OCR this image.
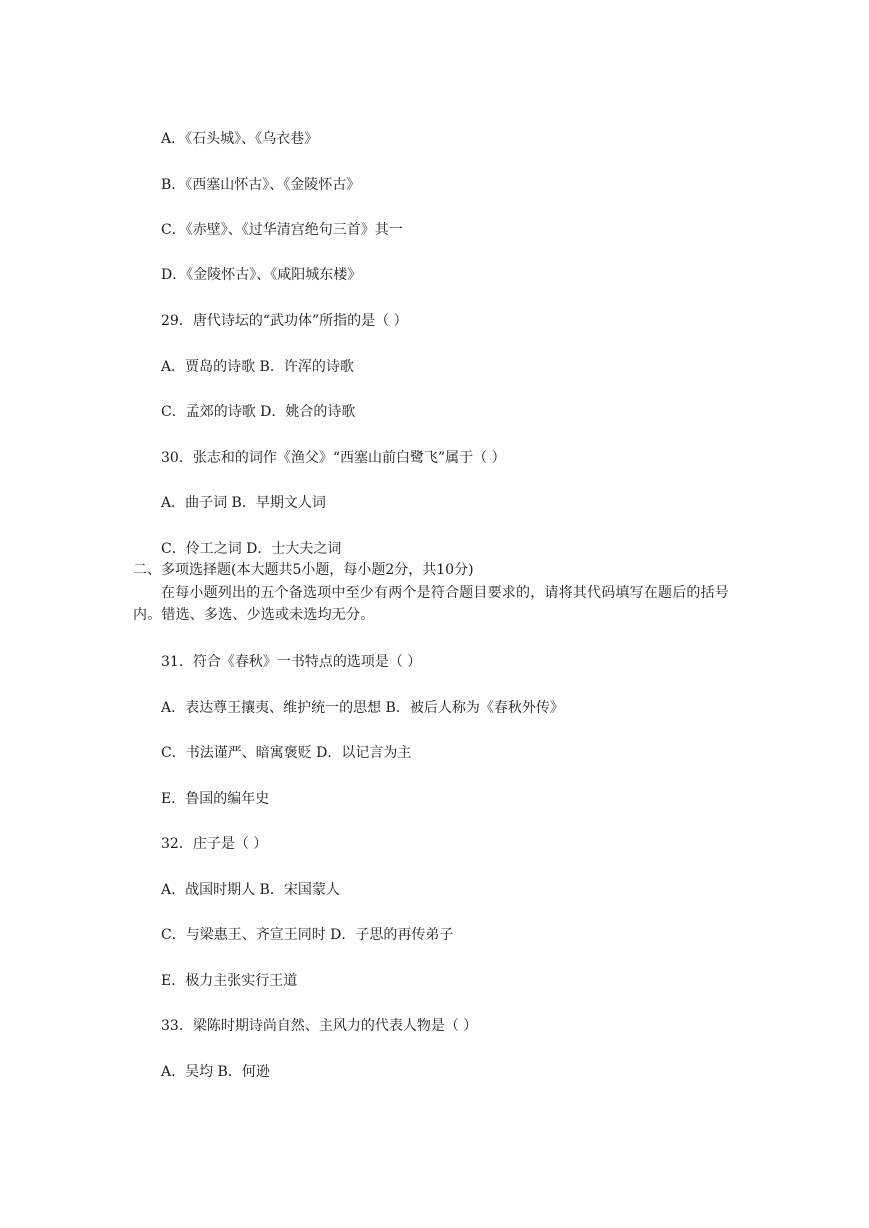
A．《石头城》、《乌衣巷》
B．《西塞山怀古》、《金陵怀古》
C．《赤壁》、《过华清宫绝句三首》其一
D．《金陵怀古》、《咸阳城东楼》
29．唐代诗坛的“武功体”所指的是（ ）
A．贾岛的诗歌 B．许浑的诗歌
C．孟郊的诗歌 D．姚合的诗歌
30．张志和的词作《渔父》“西塞山前白鹭飞”属于（ ）
A．曲子词 B．早期文人词
C．伶工之词 D．士大夫之词
二、多项选择题(本大题共5小题，每小题2分，共10分)
在每小题列出的五个备选项中至少有两个是符合题目要求的，请将其代码填写在题后的括号内。错选、多选、少选或未选均无分。
31．符合《春秋》一书特点的选项是（ ）
A．表达尊王攘夷、维护统一的思想 B．被后人称为《春秋外传》
C．书法谨严、暗寓褒贬 D．以记言为主
E．鲁国的编年史
32．庄子是（ ）
A．战国时期人 B．宋国蒙人
C．与梁惠王、齐宣王同时 D．子思的再传弟子
E．极力主张实行王道
33．梁陈时期诗尚自然、主风力的代表人物是（ ）
A．吴均 B．何逊
